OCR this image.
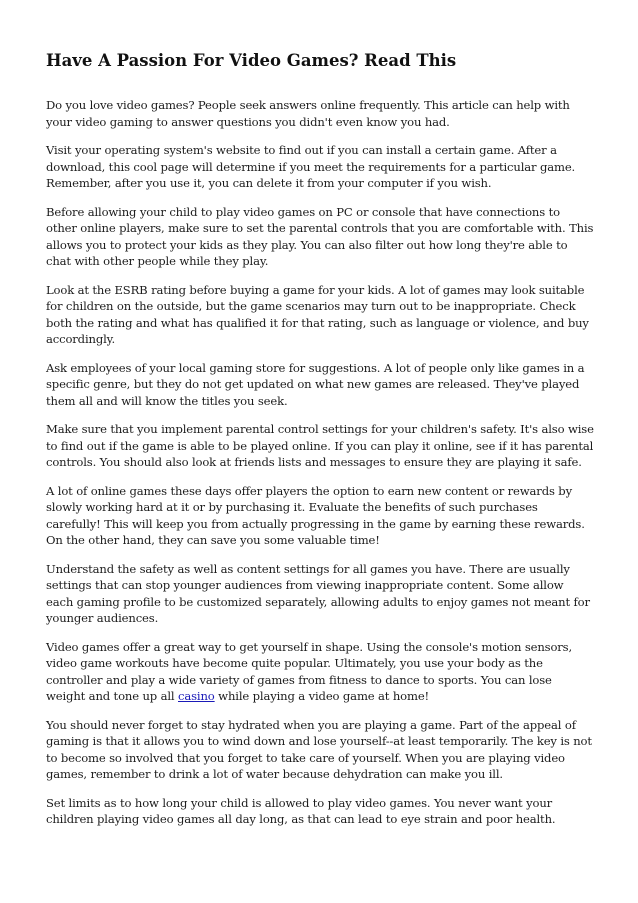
Have A Passion For Video Games? Read This

Do you love video games? People seek answers online frequently. This article can help with your video gaming to answer questions you didn't even know you had.

Visit your operating system's website to find out if you can install a certain game. After a download, this cool page will determine if you meet the requirements for a particular game. Remember, after you use it, you can delete it from your computer if you wish.

Before allowing your child to play video games on PC or console that have connections to other online players, make sure to set the parental controls that you are comfortable with. This allows you to protect your kids as they play. You can also filter out how long they're able to chat with other people while they play.

Look at the ESRB rating before buying a game for your kids. A lot of games may look suitable for children on the outside, but the game scenarios may turn out to be inappropriate. Check both the rating and what has qualified it for that rating, such as language or violence, and buy accordingly.

Ask employees of your local gaming store for suggestions. A lot of people only like games in a specific genre, but they do not get updated on what new games are released. They've played them all and will know the titles you seek.

Make sure that you implement parental control settings for your children's safety. It's also wise to find out if the game is able to be played online. If you can play it online, see if it has parental controls. You should also look at friends lists and messages to ensure they are playing it safe.

A lot of online games these days offer players the option to earn new content or rewards by slowly working hard at it or by purchasing it. Evaluate the benefits of such purchases carefully! This will keep you from actually progressing in the game by earning these rewards. On the other hand, they can save you some valuable time!

Understand the safety as well as content settings for all games you have. There are usually settings that can stop younger audiences from viewing inappropriate content. Some allow each gaming profile to be customized separately, allowing adults to enjoy games not meant for younger audiences.

Video games offer a great way to get yourself in shape. Using the console's motion sensors, video game workouts have become quite popular. Ultimately, you use your body as the controller and play a wide variety of games from fitness to dance to sports. You can lose weight and tone up all casino while playing a video game at home!

You should never forget to stay hydrated when you are playing a game. Part of the appeal of gaming is that it allows you to wind down and lose yourself--at least temporarily. The key is not to become so involved that you forget to take care of yourself. When you are playing video games, remember to drink a lot of water because dehydration can make you ill.

Set limits as to how long your child is allowed to play video games. You never want your children playing video games all day long, as that can lead to eye strain and poor health.
